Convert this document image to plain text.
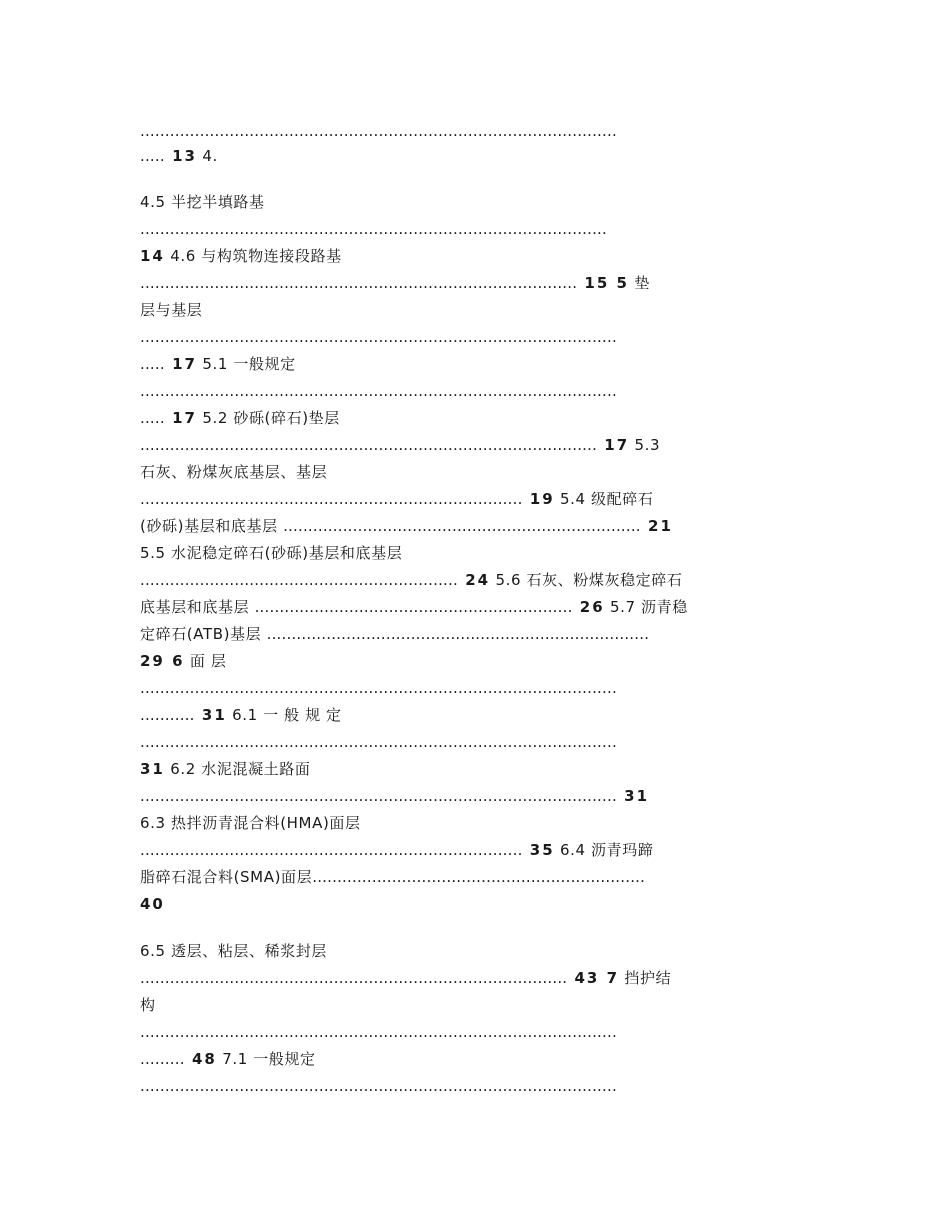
................................................................................................
..... 13 4.
4.5 半挖半填路基
..............................................................................................
14 4.6 与构筑物连接段路基
........................................................................................ 15 5 垫
层与基层
................................................................................................
..... 17 5.1 一般规定
................................................................................................
..... 17 5.2 砂砾(碎石)垫层
............................................................................................ 17 5.3
石灰、粉煤灰底基层、基层
............................................................................. 19 5.4 级配碎石
(砂砾)基层和底基层 ........................................................................ 21
5.5 水泥稳定碎石(砂砾)基层和底基层
................................................................ 24 5.6 石灰、粉煤灰稳定碎石
底基层和底基层 ................................................................ 26 5.7 沥青稳
定碎石(ATB)基层 .............................................................................
29 6 面 层
................................................................................................
........... 31 6.1 一 般 规 定
................................................................................................
31 6.2 水泥混凝土路面
................................................................................................ 31
6.3 热拌沥青混合料(HMA)面层
............................................................................. 35 6.4 沥青玛蹄
脂碎石混合料(SMA)面层...................................................................
40
6.5 透层、粘层、稀浆封层
...................................................................................... 43 7 挡护结
构
................................................................................................
......... 48 7.1 一般规定
................................................................................................
